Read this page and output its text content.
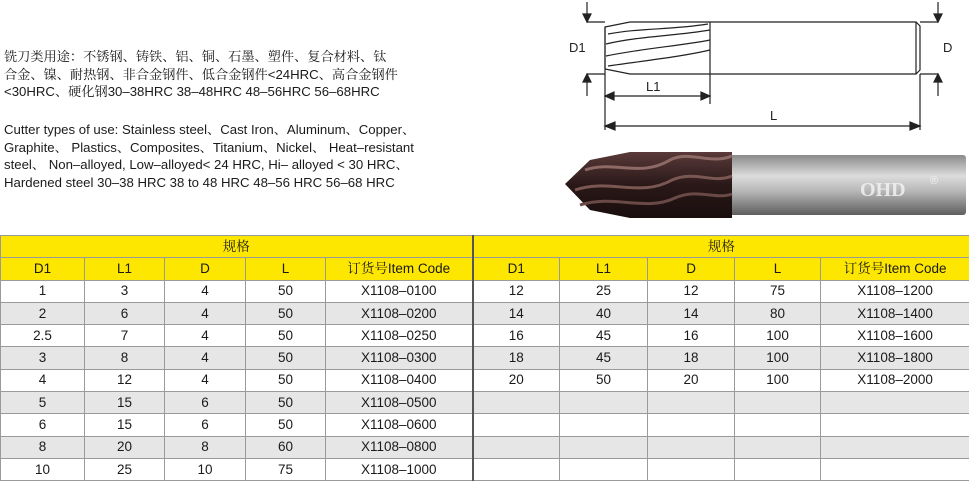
铣刀类用途：不锈钢、铸铁、铝、铜、石墨、塑件、复合材料、钛
合金、镍、耐热钢、非合金钢件、低合金钢件<24HRC、高合金钢件
<30HRC、硬化钢30–38HRC 38–48HRC 48–56HRC 56–68HRC
Cutter types of use: Stainless steel、Cast Iron、Aluminum、Copper、
Graphite、 Plastics、Composites、Titanium、Nickel、 Heat–resistant
steel、 Non–alloyed, Low–alloyed< 24 HRC, Hi– alloyed < 30 HRC、
Hardened steel 30–38 HRC 38 to 48 HRC 48–56 HRC 56–68 HRC
D1	D
L1
L
OHD ®
规格					规格				
D1	L1	D	L	订货号Item Code	D1	L1	D	L	订货号Item Code
1	3	4	50	X1108–0100	12	25	12	75	X1108–1200
2	6	4	50	X1108–0200	14	40	14	80	X1108–1400
2.5	7	4	50	X1108–0250	16	45	16	100	X1108–1600
3	8	4	50	X1108–0300	18	45	18	100	X1108–1800
4	12	4	50	X1108–0400	20	50	20	100	X1108–2000
5	15	6	50	X1108–0500					
6	15	6	50	X1108–0600					
8	20	8	60	X1108–0800					
10	25	10	75	X1108–1000					
